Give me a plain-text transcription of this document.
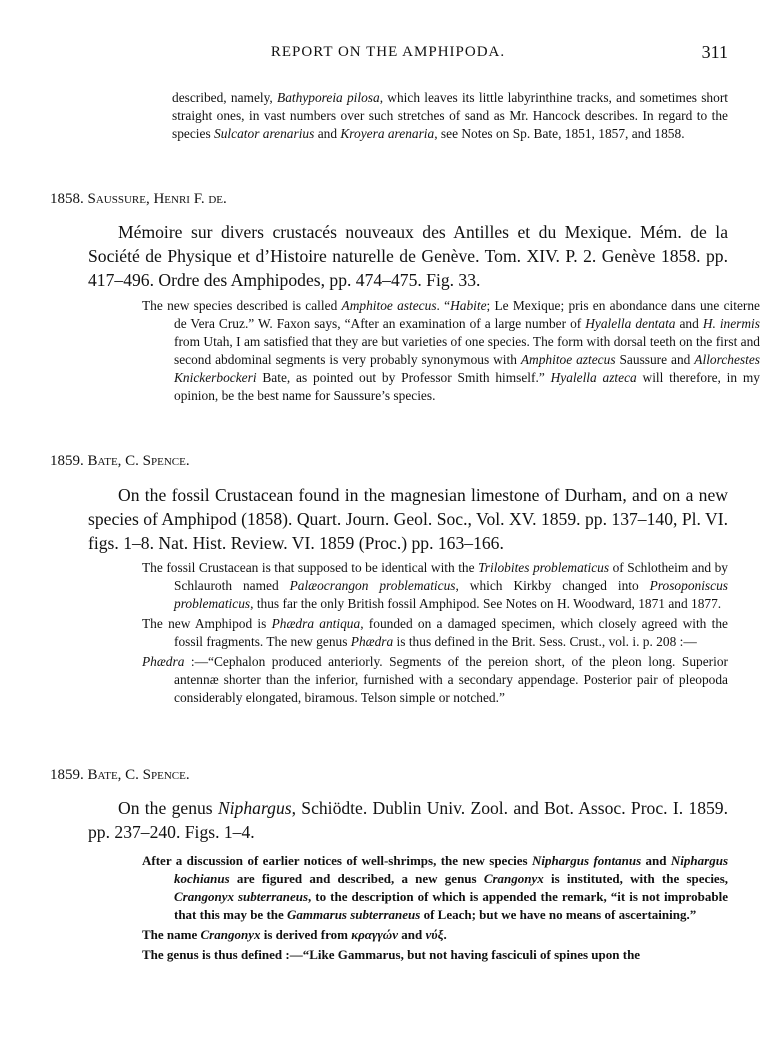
REPORT ON THE AMPHIPODA.	311
described, namely, Bathyporeia pilosa, which leaves its little labyrinthine tracks, and sometimes short straight ones, in vast numbers over such stretches of sand as Mr. Hancock describes. In regard to the species Sulcator arenarius and Kroyera arenaria, see Notes on Sp. Bate, 1851, 1857, and 1858.
1858. Saussure, Henri F. de.
Mémoire sur divers crustacés nouveaux des Antilles et du Mexique. Mém. de la Société de Physique et d’Histoire naturelle de Genève. Tom. XIV. P. 2. Genève 1858. pp. 417–496. Ordre des Amphipodes, pp. 474–475. Fig. 33.
The new species described is called Amphitoe astecus. “Habite; Le Mexique; pris en abondance dans une citerne de Vera Cruz.” W. Faxon says, “After an examination of a large number of Hyalella dentata and H. inermis from Utah, I am satisfied that they are but varieties of one species. The form with dorsal teeth on the first and second abdominal segments is very probably synonymous with Amphitoe aztecus Saussure and Allorchestes Knickerbockeri Bate, as pointed out by Professor Smith himself.” Hyalella azteca will therefore, in my opinion, be the best name for Saussure’s species.
1859. Bate, C. Spence.
On the fossil Crustacean found in the magnesian limestone of Durham, and on a new species of Amphipod (1858). Quart. Journ. Geol. Soc., Vol. XV. 1859. pp. 137–140, Pl. VI. figs. 1–8. Nat. Hist. Review. VI. 1859 (Proc.) pp. 163–166.

The fossil Crustacean is that supposed to be identical with the Trilobites problematicus of Schlotheim and by Schlauroth named Palæocrangon problematicus, which Kirkby changed into Prosoponiscus problematicus, thus far the only British fossil Amphipod. See Notes on H. Woodward, 1871 and 1877.

The new Amphipod is Phædra antiqua, founded on a damaged specimen, which closely agreed with the fossil fragments. The new genus Phædra is thus defined in the Brit. Sess. Crust., vol. i. p. 208 :—

Phædra :—“Cephalon produced anteriorly. Segments of the pereion short, of the pleon long. Superior antennæ shorter than the inferior, furnished with a secondary appendage. Posterior pair of pleopoda considerably elongated, biramous. Telson simple or notched.”

1859. Bate, C. Spence.
On the genus Niphargus, Schiödte. Dublin Univ. Zool. and Bot. Assoc. Proc. I. 1859. pp. 237–240. Figs. 1–4.

After a discussion of earlier notices of well-shrimps, the new species Niphargus fontanus and Niphargus kochianus are figured and described, a new genus Crangonyx is instituted, with the species, Crangonyx subterraneus, to the description of which is appended the remark, “it is not improbable that this may be the Gammarus subterraneus of Leach; but we have no means of ascertaining.”

The name Crangonyx is derived from κραγγών and νύξ.

The genus is thus defined :—“Like Gammarus, but not having fasciculi of spines upon the
